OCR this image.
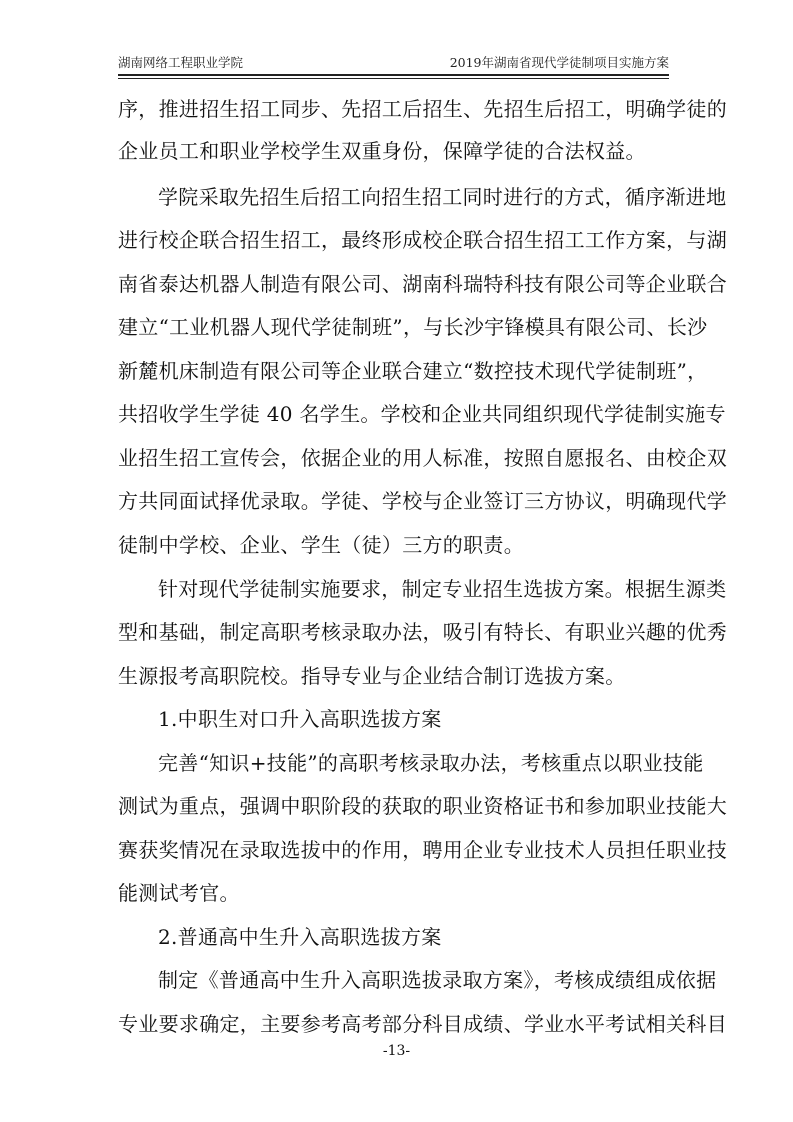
湖南网络工程职业学院	2019年湖南省现代学徒制项目实施方案
序，推进招生招工同步、先招工后招生、先招生后招工，明确学徒的
企业员工和职业学校学生双重身份，保障学徒的合法权益。
学院采取先招生后招工向招生招工同时进行的方式，循序渐进地
进行校企联合招生招工，最终形成校企联合招生招工工作方案，与湖
南省泰达机器人制造有限公司、湖南科瑞特科技有限公司等企业联合
建立“工业机器人现代学徒制班”，与长沙宇锋模具有限公司、长沙
新麓机床制造有限公司等企业联合建立“数控技术现代学徒制班”，
共招收学生学徒 40 名学生。学校和企业共同组织现代学徒制实施专
业招生招工宣传会，依据企业的用人标准，按照自愿报名、由校企双
方共同面试择优录取。学徒、学校与企业签订三方协议，明确现代学
徒制中学校、企业、学生（徒）三方的职责。
针对现代学徒制实施要求，制定专业招生选拔方案。根据生源类
型和基础，制定高职考核录取办法，吸引有特长、有职业兴趣的优秀
生源报考高职院校。指导专业与企业结合制订选拔方案。
1.中职生对口升入高职选拔方案
完善“知识+技能”的高职考核录取办法，考核重点以职业技能
测试为重点，强调中职阶段的获取的职业资格证书和参加职业技能大
赛获奖情况在录取选拔中的作用，聘用企业专业技术人员担任职业技
能测试考官。
2.普通高中生升入高职选拔方案
制定《普通高中生升入高职选拔录取方案》，考核成绩组成依据
专业要求确定，主要参考高考部分科目成绩、学业水平考试相关科目
-13-
